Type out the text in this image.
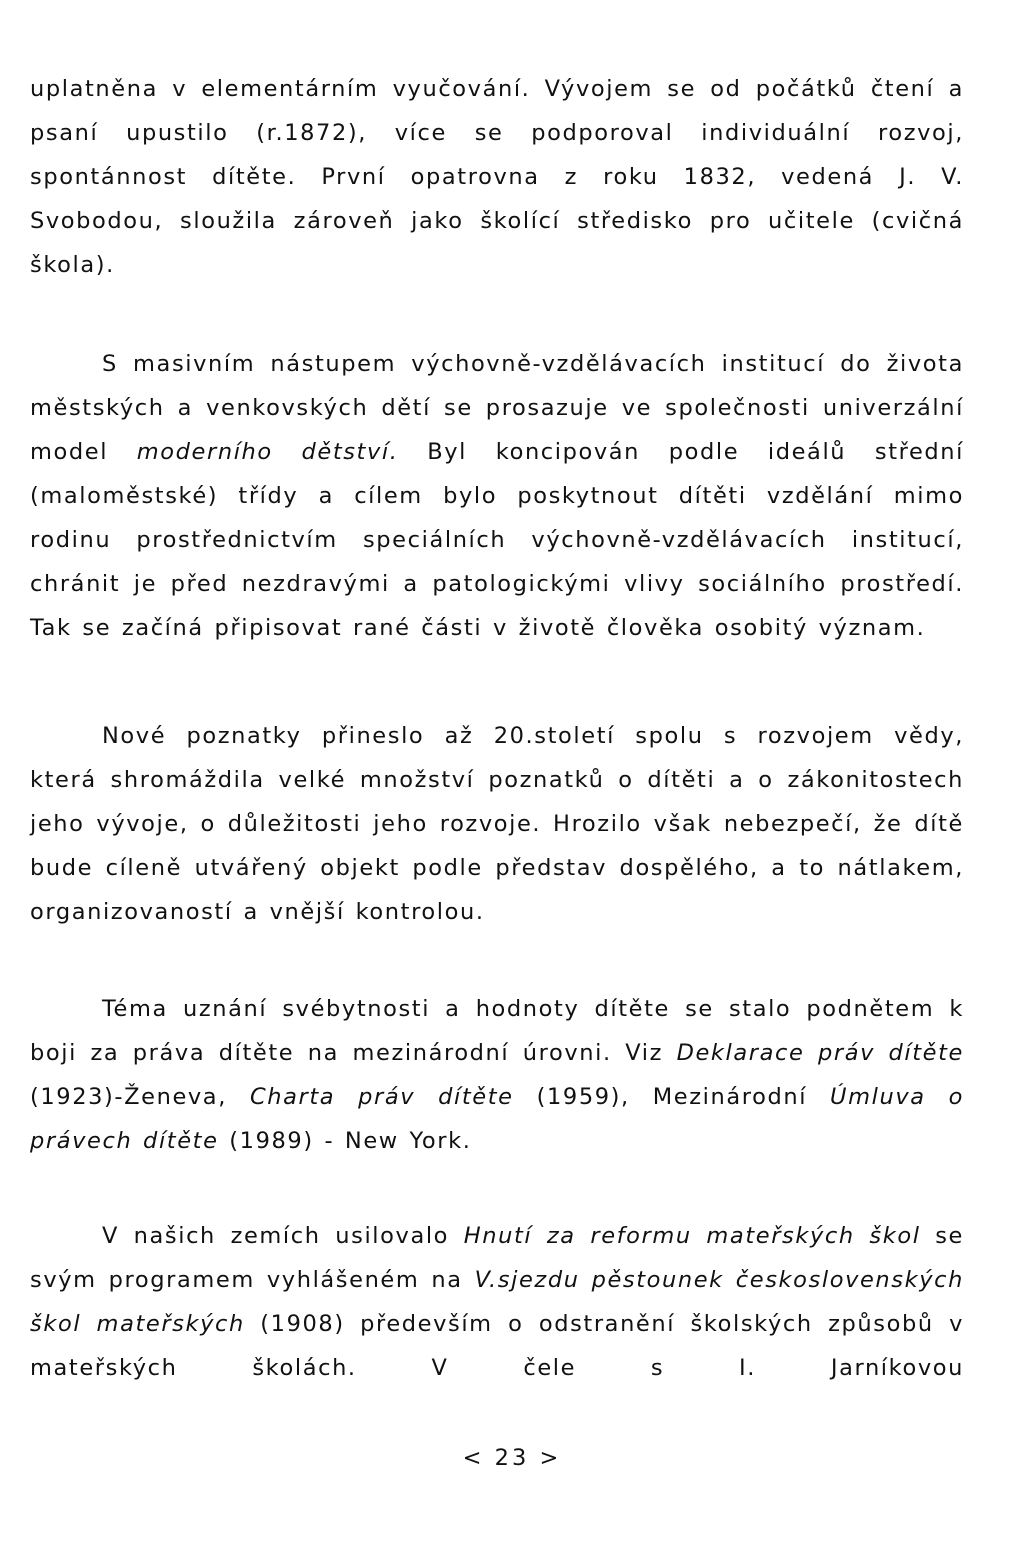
uplatněna v elementárním vyučování. Vývojem se od počátků čtení a psaní upustilo (r.1872), více se podporoval individuální rozvoj, spontánnost dítěte. První opatrovna z roku 1832, vedená J. V. Svobodou, sloužila zároveň jako školící středisko pro učitele (cvičná škola).
S masivním nástupem výchovně-vzdělávacích institucí do života městských a venkovských dětí se prosazuje ve společnosti univerzální model moderního dětství. Byl koncipován podle ideálů střední (maloměstské) třídy a cílem bylo poskytnout dítěti vzdělání mimo rodinu prostřednictvím speciálních výchovně-vzdělávacích institucí, chránit je před nezdravými a patologickými vlivy sociálního prostředí. Tak se začíná připisovat rané části v životě člověka osobitý význam.
Nové poznatky přineslo až 20.století spolu s rozvojem vědy, která shromáždila velké množství poznatků o dítěti a o zákonitostech jeho vývoje, o důležitosti jeho rozvoje. Hrozilo však nebezpečí, že dítě bude cíleně utvářený objekt podle představ dospělého, a to nátlakem, organizovaností a vnější kontrolou.
Téma uznání svébytnosti a hodnoty dítěte se stalo podnětem k boji za práva dítěte na mezinárodní úrovni. Viz Deklarace práv dítěte (1923)-Ženeva, Charta práv dítěte (1959), Mezinárodní Úmluva o právech dítěte (1989) - New York.
V našich zemích usilovalo Hnutí za reformu mateřských škol se svým programem vyhlášeném na V.sjezdu pěstounek československých škol mateřských (1908) především o odstranění školských způsobů v mateřských školách. V čele s I. Jarníkovou
< 23 >
